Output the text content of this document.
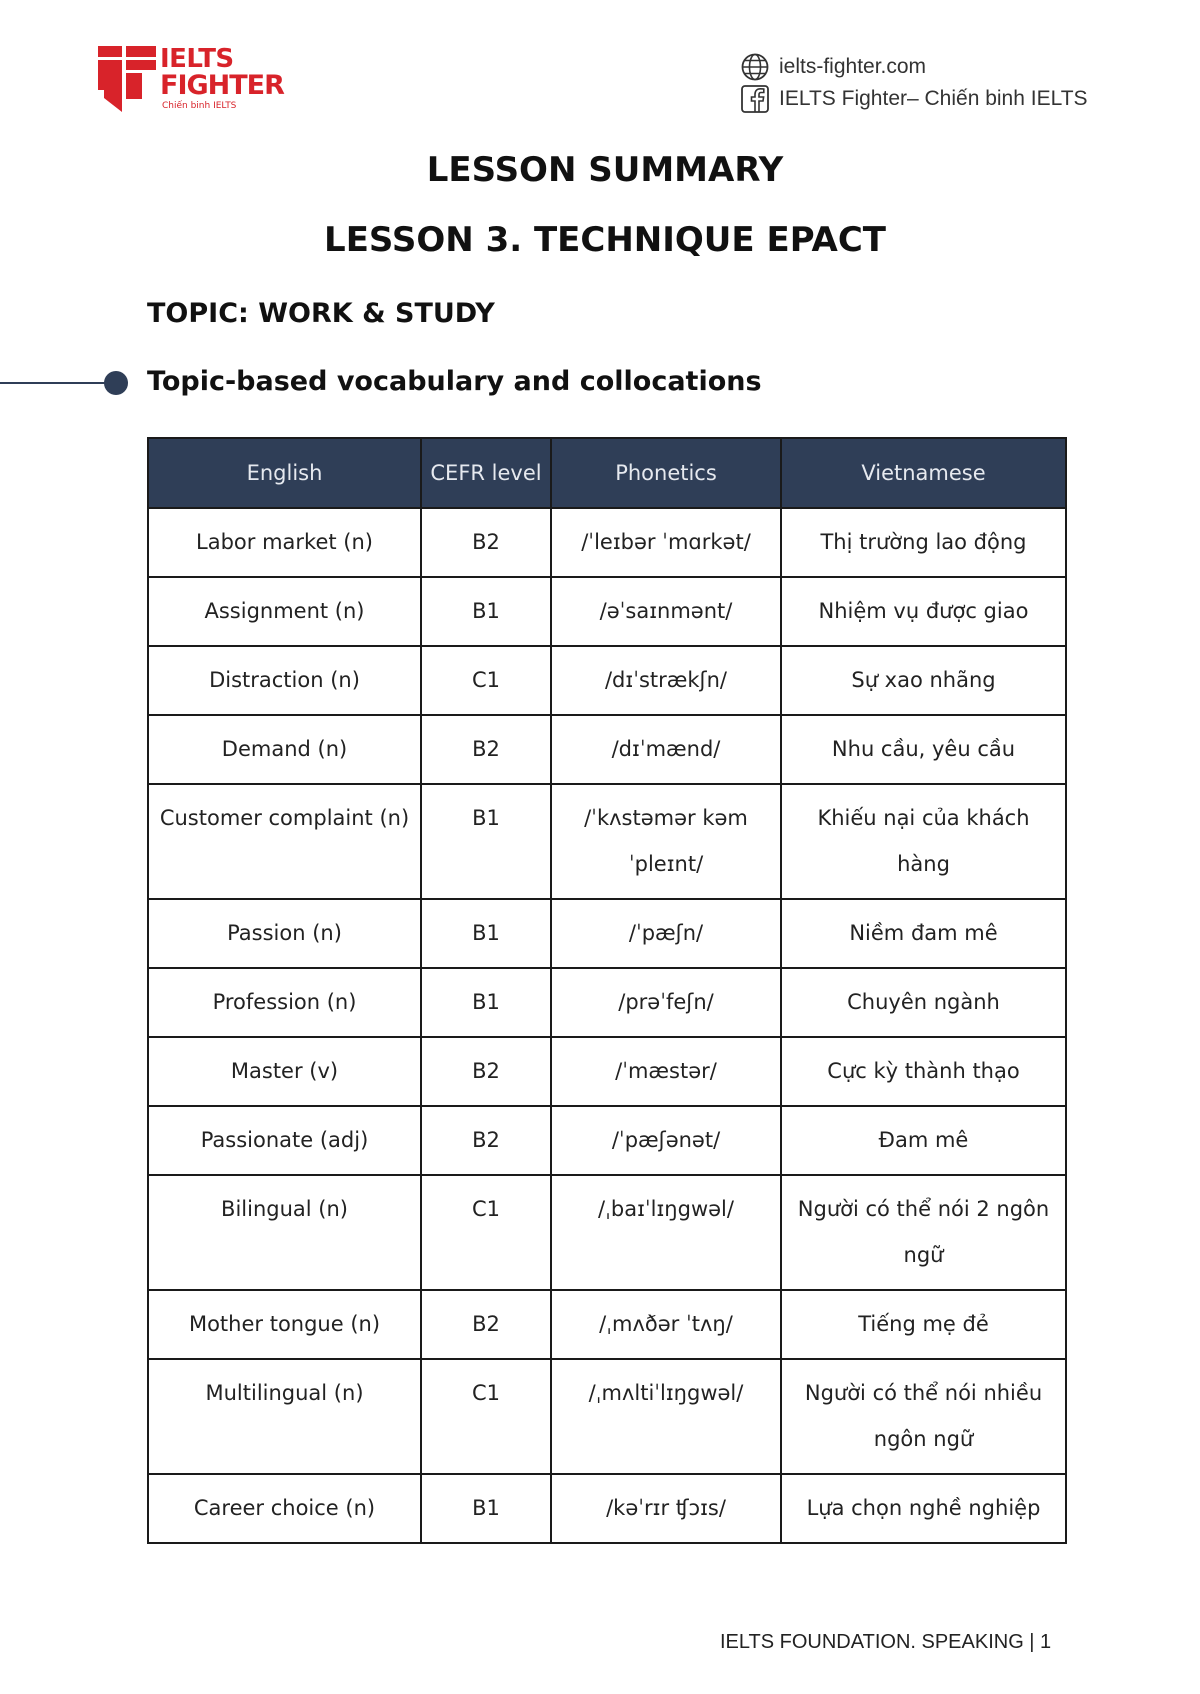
IELTS
FIGHTER
Chiến binh IELTS
ielts-fighter.com
IELTS Fighter– Chiến binh IELTS
LESSON SUMMARY
LESSON 3. TECHNIQUE EPACT
TOPIC: WORK & STUDY
Topic-based vocabulary and collocations
English	CEFR level	Phonetics	Vietnamese
Labor market (n)	B2	/ˈleɪbər ˈmɑrkət/	Thị trường lao động
Assignment (n)	B1	/əˈsaɪnmənt/	Nhiệm vụ được giao
Distraction (n)	C1	/dɪˈstrækʃn/	Sự xao nhãng
Demand (n)	B2	/dɪˈmænd/	Nhu cầu, yêu cầu
Customer complaint (n)	B1	/ˈkʌstəmər kəmˈpleɪnt/	Khiếu nại của khách hàng
Passion (n)	B1	/ˈpæʃn/	Niềm đam mê
Profession (n)	B1	/prəˈfeʃn/	Chuyên ngành
Master (v)	B2	/ˈmæstər/	Cực kỳ thành thạo
Passionate (adj)	B2	/ˈpæʃənət/	Đam mê
Bilingual (n)	C1	/ˌbaɪˈlɪŋgwəl/	Người có thể nói 2 ngôn ngữ
Mother tongue (n)	B2	/ˌmʌðər ˈtʌŋ/	Tiếng mẹ đẻ
Multilingual (n)	C1	/ˌmʌltiˈlɪŋgwəl/	Người có thể nói nhiều ngôn ngữ
Career choice (n)	B1	/kəˈrɪr ʧɔɪs/	Lựa chọn nghề nghiệp
IELTS FOUNDATION. SPEAKING | 1
